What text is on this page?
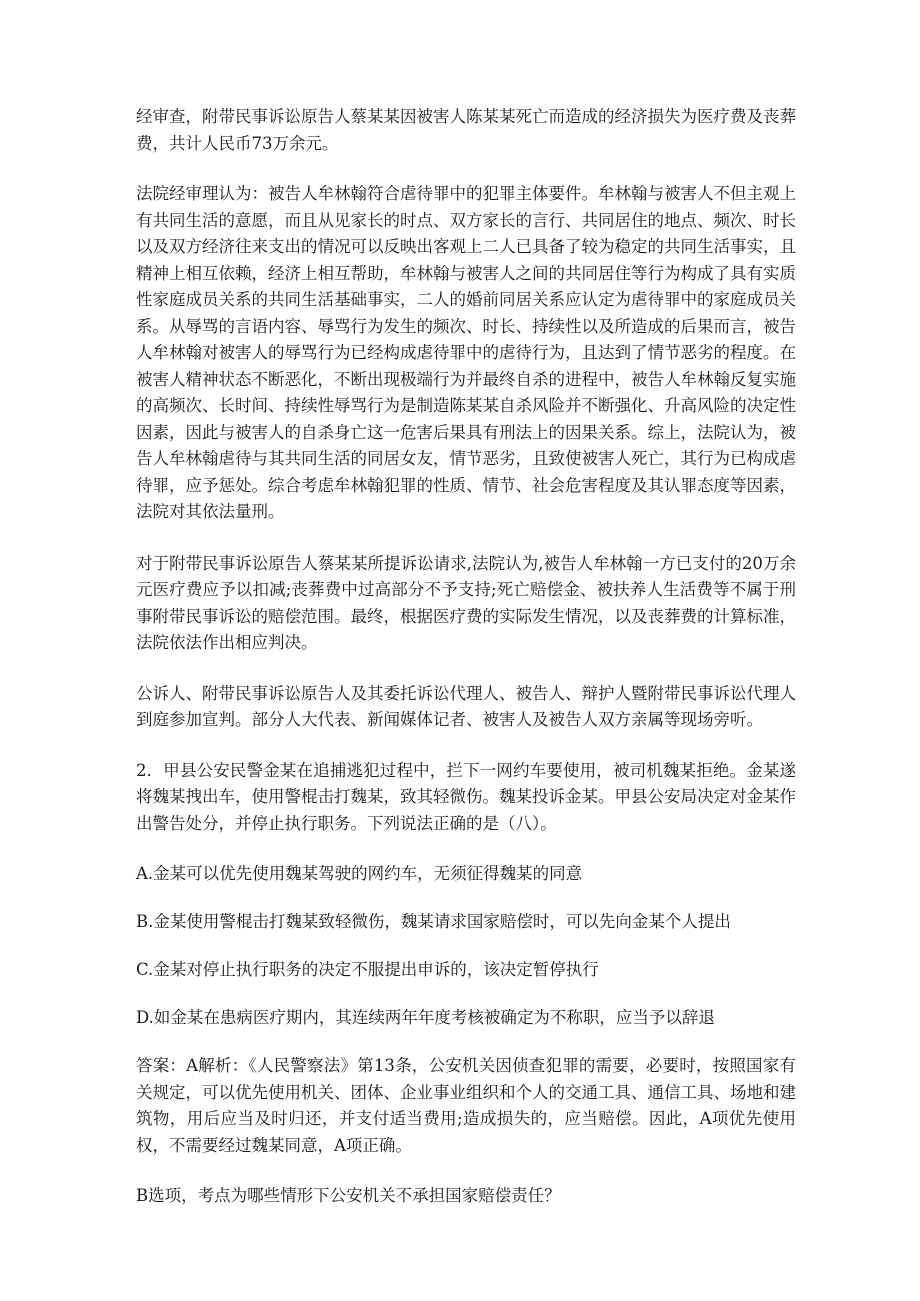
经审查，附带民事诉讼原告人蔡某某因被害人陈某某死亡而造成的经济损失为医疗费及丧葬费，共计人民币73万余元。

法院经审理认为：被告人牟林翰符合虐待罪中的犯罪主体要件。牟林翰与被害人不但主观上有共同生活的意愿，而且从见家长的时点、双方家长的言行、共同居住的地点、频次、时长以及双方经济往来支出的情况可以反映出客观上二人已具备了较为稳定的共同生活事实，且精神上相互依赖，经济上相互帮助，牟林翰与被害人之间的共同居住等行为构成了具有实质性家庭成员关系的共同生活基础事实，二人的婚前同居关系应认定为虐待罪中的家庭成员关系。从辱骂的言语内容、辱骂行为发生的频次、时长、持续性以及所造成的后果而言，被告人牟林翰对被害人的辱骂行为已经构成虐待罪中的虐待行为，且达到了情节恶劣的程度。在被害人精神状态不断恶化，不断出现极端行为并最终自杀的进程中，被告人牟林翰反复实施的高频次、长时间、持续性辱骂行为是制造陈某某自杀风险并不断强化、升高风险的决定性因素，因此与被害人的自杀身亡这一危害后果具有刑法上的因果关系。综上，法院认为，被告人牟林翰虐待与其共同生活的同居女友，情节恶劣，且致使被害人死亡，其行为已构成虐待罪，应予惩处。综合考虑牟林翰犯罪的性质、情节、社会危害程度及其认罪态度等因素，法院对其依法量刑。

对于附带民事诉讼原告人蔡某某所提诉讼请求,法院认为,被告人牟林翰一方已支付的20万余元医疗费应予以扣减;丧葬费中过高部分不予支持;死亡赔偿金、被扶养人生活费等不属于刑事附带民事诉讼的赔偿范围。最终，根据医疗费的实际发生情况，以及丧葬费的计算标准，法院依法作出相应判决。

公诉人、附带民事诉讼原告人及其委托诉讼代理人、被告人、辩护人暨附带民事诉讼代理人到庭参加宣判。部分人大代表、新闻媒体记者、被害人及被告人双方亲属等现场旁听。

2．甲县公安民警金某在追捕逃犯过程中，拦下一网约车要使用，被司机魏某拒绝。金某遂将魏某拽出车，使用警棍击打魏某，致其轻微伤。魏某投诉金某。甲县公安局决定对金某作出警告处分，并停止执行职务。下列说法正确的是（八）。

A.金某可以优先使用魏某驾驶的网约车，无须征得魏某的同意

B.金某使用警棍击打魏某致轻微伤，魏某请求国家赔偿时，可以先向金某个人提出

C.金某对停止执行职务的决定不服提出申诉的，该决定暂停执行

D.如金某在患病医疗期内，其连续两年年度考核被确定为不称职，应当予以辞退

答案：A解析：《人民警察法》第13条，公安机关因侦查犯罪的需要，必要时，按照国家有关规定，可以优先使用机关、团体、企业事业组织和个人的交通工具、通信工具、场地和建筑物，用后应当及时归还，并支付适当费用;造成损失的，应当赔偿。因此，A项优先使用权，不需要经过魏某同意，A项正确。

B选项，考点为哪些情形下公安机关不承担国家赔偿责任？
